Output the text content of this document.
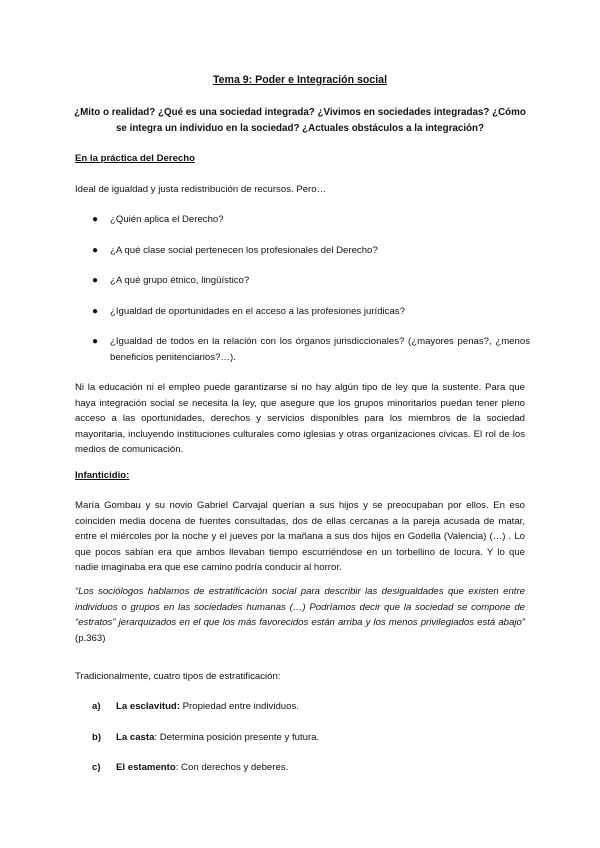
Tema 9: Poder e Integración social
¿Mito o realidad? ¿Qué es una sociedad integrada? ¿Vivimos en sociedades integradas? ¿Cómo se integra un individuo en la sociedad? ¿Actuales obstáculos a la integración?
En la práctica del Derecho
Ideal de igualdad y justa redistribución de recursos. Pero…
● ¿Quién aplica el Derecho?
● ¿A qué clase social pertenecen los profesionales del Derecho?
● ¿A qué grupo étnico, lingüístico?
● ¿Igualdad de oportunidades en el acceso a las profesiones jurídicas?
● ¿Igualdad de todos en la relación con los órganos jurisdiccionales? (¿mayores penas?, ¿menos beneficios penitenciarios?…).
Ni la educación ni el empleo puede garantizarse si no hay algún tipo de ley que la sustente. Para que haya integración social se necesita la ley, que asegure que los grupos minoritarios puedan tener pleno acceso a las oportunidades, derechos y servicios disponibles para los miembros de la sociedad mayoritaria, incluyendo instituciones culturales como iglesias y otras organizaciones cívicas. El rol de los medios de comunicación.
Infanticidio:
María Gombau y su novio Gabriel Carvajal querían a sus hijos y se preocupaban por ellos. En eso coinciden media docena de fuentes consultadas, dos de ellas cercanas a la pareja acusada de matar, entre el miércoles por la noche y el jueves por la mañana a sus dos hijos en Godella (Valencia) (…) . Lo que pocos sabían era que ambos llevaban tiempo escurriéndose en un torbellino de locura. Y lo que nadie imaginaba era que ese camino podría conducir al horror.
“Los sociólogos hablamos de estratificación social para describir las desigualdades que existen entre individuos o grupos en las sociedades humanas (…) Podríamos decir que la sociedad se compone de “estratos” jerarquizados en el que los más favorecidos están arriba y los menos privilegiados está abajo” (p.363)
Tradicionalmente, cuatro tipos de estratificación:
a) La esclavitud: Propiedad entre individuos.
b) La casta: Determina posición presente y futura.
c) El estamento: Con derechos y deberes.
